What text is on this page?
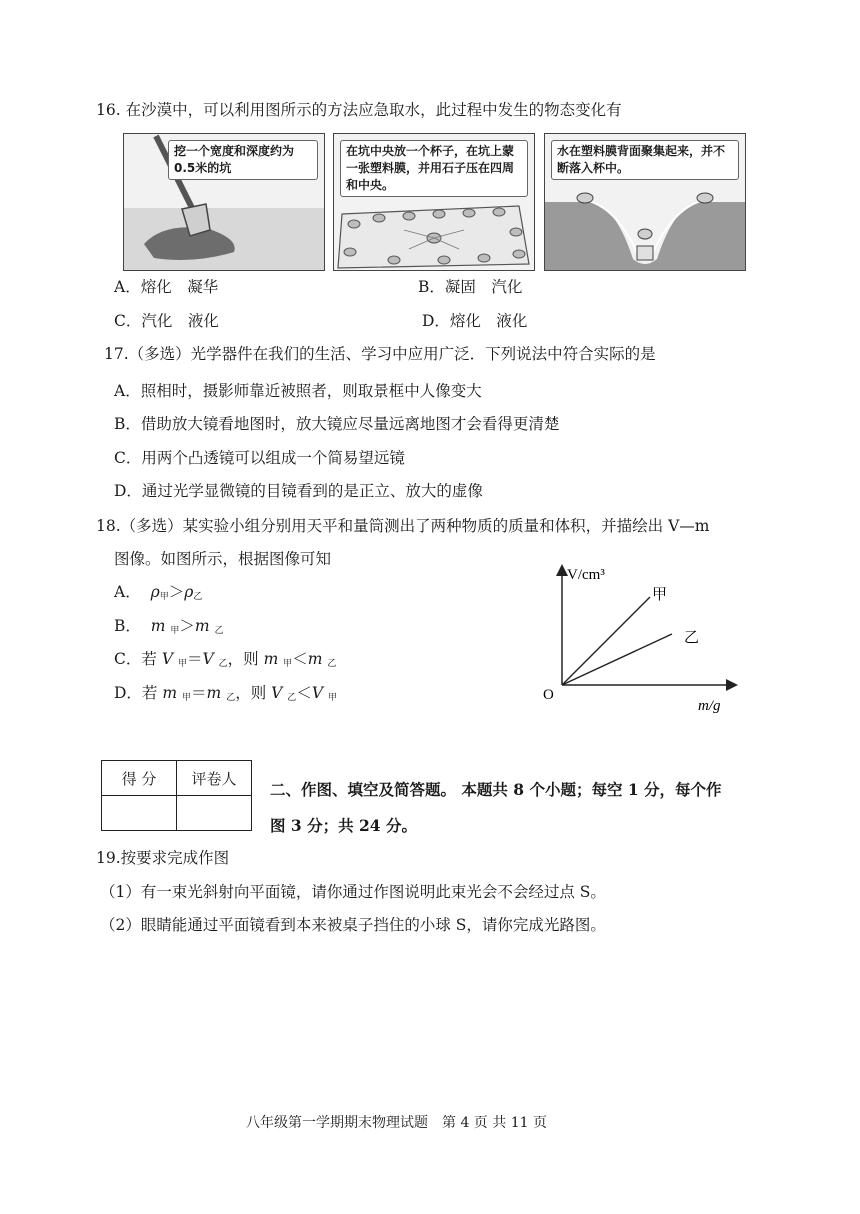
16. 在沙漠中，可以利用图所示的方法应急取水，此过程中发生的物态变化有
挖一个宽度和深度约为0.5米的坑
在坑中央放一个杯子，在坑上蒙一张塑料膜，并用石子压在四周和中央。
水在塑料膜背面聚集起来，并不断落入杯中。
A．熔化　凝华	B．凝固　汽化
C．汽化　液化	D．熔化　液化
17.（多选）光学器件在我们的生活、学习中应用广泛．下列说法中符合实际的是
A．照相时，摄影师靠近被照者，则取景框中人像变大
B．借助放大镜看地图时，放大镜应尽量远离地图才会看得更清楚
C．用两个凸透镜可以组成一个简易望远镜
D．通过光学显微镜的目镜看到的是正立、放大的虚像
18.（多选）某实验小组分别用天平和量筒测出了两种物质的质量和体积，并描绘出 V—m
图像。如图所示，根据图像可知
A． $\rho_甲>\rho_乙$
B． m $_甲$＞m $_乙$
C．若 V $_甲$＝V $_乙$，则 m $_甲$＜m $_乙$
D．若 m $_甲$＝m $_乙$，则 V $_乙$＜V $_甲$
V/cm³
甲
乙
O
m/g
得 分	评卷人

二、作图、填空及简答题。 本题共 8 个小题；每空 1 分，每个作
图 3 分；共 24 分。
19.按要求完成作图
（1）有一束光斜射向平面镜，请你通过作图说明此束光会不会经过点 S。
（2）眼睛能通过平面镜看到本来被桌子挡住的小球 S，请你完成光路图。
八年级第一学期期末物理试题　第 4 页 共 11 页
